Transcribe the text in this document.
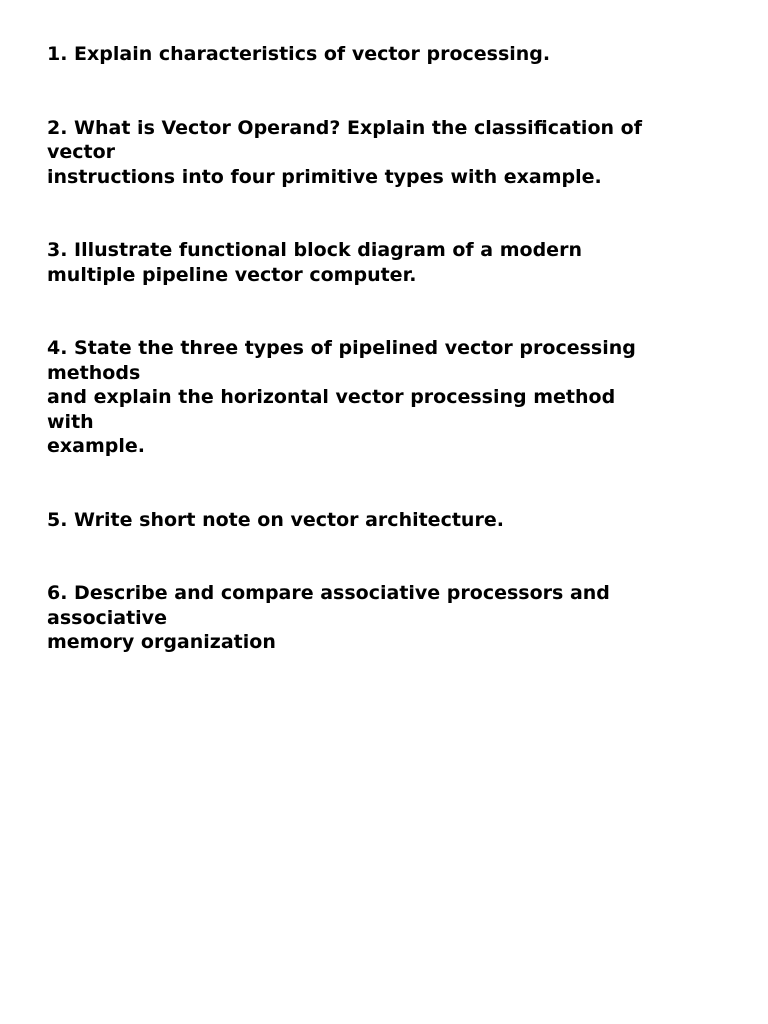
1. Explain characteristics of vector processing.
2. What is Vector Operand? Explain the classification of
vector
instructions into four primitive types with example.
3. Illustrate functional block diagram of a modern
multiple pipeline vector computer.
4. State the three types of pipelined vector processing
methods
and explain the horizontal vector processing method
with
example.
5. Write short note on vector architecture.
6. Describe and compare associative processors and
associative
memory organization
